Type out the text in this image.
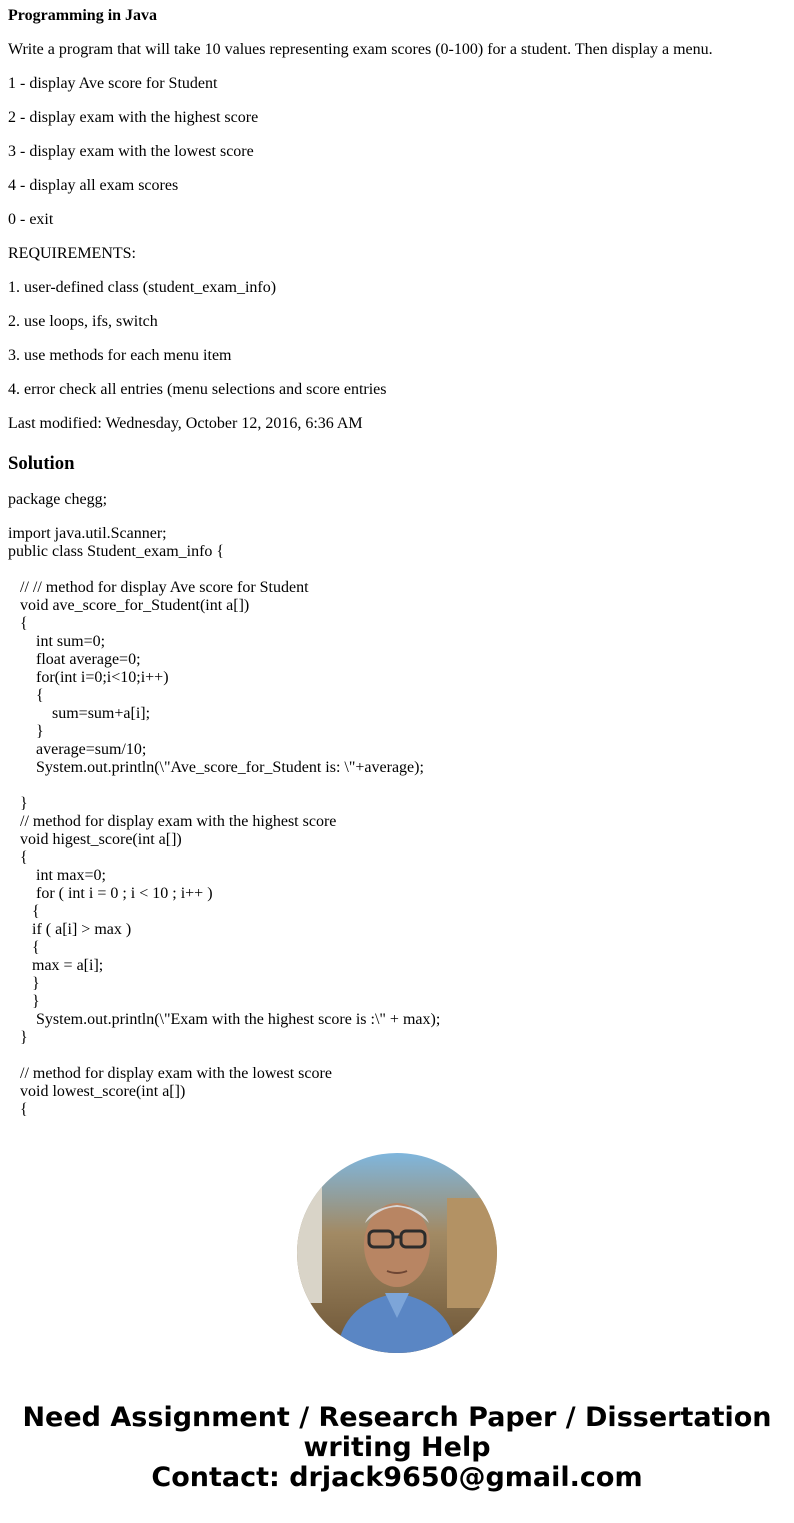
Programming in Java

Write a program that will take 10 values representing exam scores (0-100) for a student. Then display a menu.

1 - display Ave score for Student

2 - display exam with the highest score

3 - display exam with the lowest score

4 - display all exam scores

0 - exit

REQUIREMENTS:

1. user-defined class (student_exam_info)

2. use loops, ifs, switch

3. use methods for each menu item

4. error check all entries (menu selections and score entries

Last modified: Wednesday, October 12, 2016, 6:36 AM

Solution

package chegg;

import java.util.Scanner;
public class Student_exam_info {
// // method for display Ave score for Student
void ave_score_for_Student(int a[])
{
int sum=0;
float average=0;
for(int i=0;i<10;i++)
{
sum=sum+a[i];
}
average=sum/10;
System.out.println(\"Ave_score_for_Student is: \"+average);
}
// method for display exam with the highest score
void higest_score(int a[])
{
int max=0;
for ( int i = 0 ; i < 10 ; i++ )
{
if ( a[i] > max )
{
max = a[i];
}
}
System.out.println(\"Exam with the highest score is :\" + max);
}
// method for display exam with the lowest score
void lowest_score(int a[])
{
Need Assignment / Research Paper / Dissertation
writing Help
Contact: drjack9650@gmail.com
